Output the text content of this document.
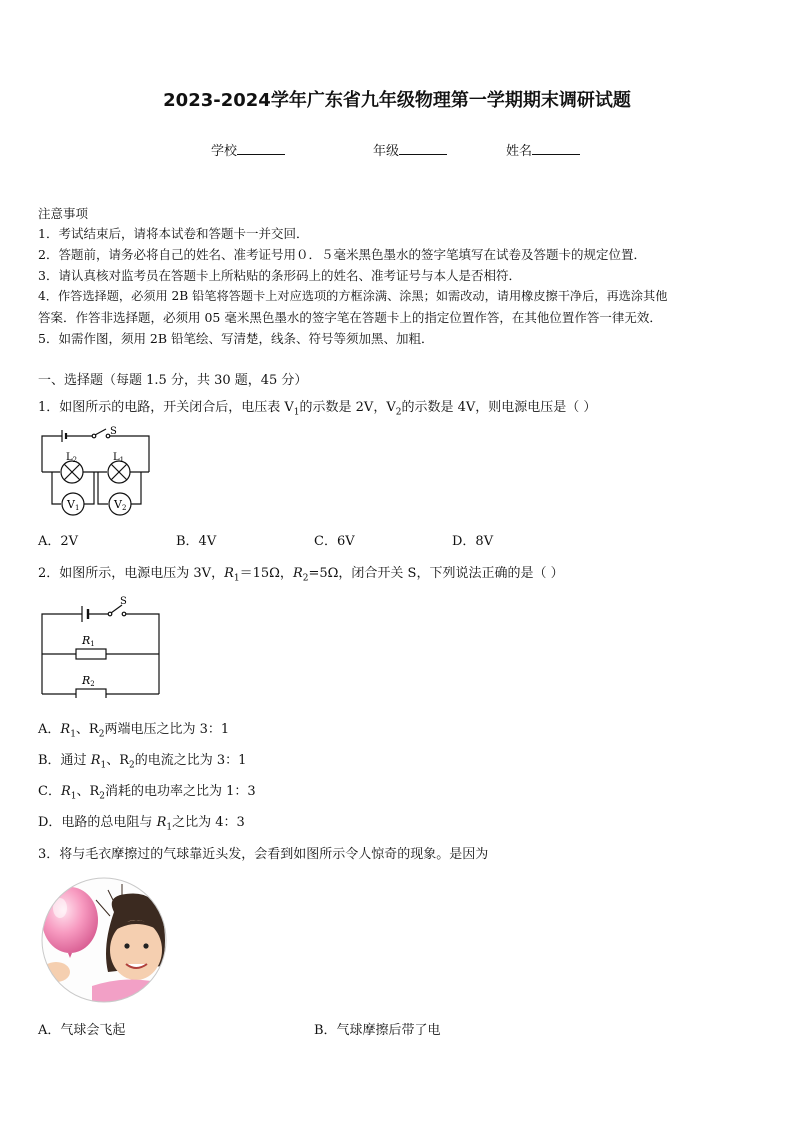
2023-2024学年广东省九年级物理第一学期期末调研试题
学校	年级	姓名
注意事项
1．考试结束后，请将本试卷和答题卡一并交回．
2．答题前，请务必将自己的姓名、准考证号用０．５毫米黑色墨水的签字笔填写在试卷及答题卡的规定位置．
3．请认真核对监考员在答题卡上所粘贴的条形码上的姓名、准考证号与本人是否相符．
4．作答选择题，必须用 2B 铅笔将答题卡上对应选项的方框涂满、涂黑；如需改动，请用橡皮擦干净后，再选涂其他
答案．作答非选择题，必须用 05 毫米黑色墨水的签字笔在答题卡上的指定位置作答，在其他位置作答一律无效．
5．如需作图，须用 2B 铅笔绘、写清楚，线条、符号等须加黑、加粗．
一、选择题（每题 1.5 分，共 30 题，45 分）
1．如图所示的电路，开关闭合后，电压表 $V_1$的示数是 2V，$V_2$的示数是 4V，则电源电压是（ ）
S
$L_2$	$L_1$
V1	V2
A．2V	B．4V	C．6V	D．8V
2．如图所示，电源电压为 3V，$R_1=15\Omega$，$R_2=5\Omega$，闭合开关 S，下列说法正确的是（ ）
S
R1
R2
A．$R_1$、$R_2$两端电压之比为 3：1
B．通过 $R_1$、$R_2$的电流之比为 3：1
C．$R_1$、$R_2$消耗的电功率之比为 1：3
D．电路的总电阻与 $R_1$之比为 4：3
3．将与毛衣摩擦过的气球靠近头发，会看到如图所示令人惊奇的现象。是因为
A．气球会飞起	B．气球摩擦后带了电
